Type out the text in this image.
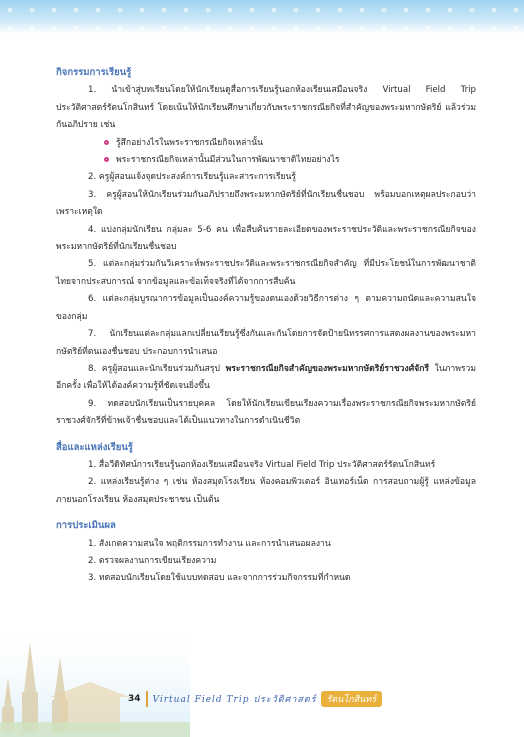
กิจกรรมการเรียนรู้

1. นำเข้าสู่บทเรียนโดยให้นักเรียนดูสื่อการเรียนรู้นอกห้องเรียนเสมือนจริง Virtual Field Trip ประวัติศาสตร์รัตนโกสินทร์ โดยเน้นให้นักเรียนศึกษาเกี่ยวกับพระราชกรณียกิจที่สำคัญของพระมหากษัตริย์ แล้วร่วมกันอภิปราย เช่น

รู้สึกอย่างไรในพระราชกรณียกิจเหล่านั้น
พระราชกรณียกิจเหล่านั้นมีส่วนในการพัฒนาชาติไทยอย่างไร

2. ครูผู้สอนแจ้งจุดประสงค์การเรียนรู้และสาระการเรียนรู้

3. ครูผู้สอนให้นักเรียนร่วมกันอภิปรายถึงพระมหากษัตริย์ที่นักเรียนชื่นชอบ พร้อมบอกเหตุผลประกอบว่าเพราะเหตุใด

4. แบ่งกลุ่มนักเรียน กลุ่มละ 5-6 คน เพื่อสืบค้นรายละเอียดของพระราชประวัติและพระราชกรณียกิจของพระมหากษัตริย์ที่นักเรียนชื่นชอบ

5. แต่ละกลุ่มร่วมกันวิเคราะห์พระราชประวัติและพระราชกรณียกิจสำคัญ ที่มีประโยชน์ในการพัฒนาชาติไทยจากประสบการณ์ จากข้อมูลและข้อเท็จจริงที่ได้จากการสืบค้น

6. แต่ละกลุ่มบูรณาการข้อมูลเป็นองค์ความรู้ของตนเองด้วยวิธีการต่าง ๆ ตามความถนัดและความสนใจของกลุ่ม

7. นักเรียนแต่ละกลุ่มแลกเปลี่ยนเรียนรู้ซึ่งกันและกันโดยการจัดป้ายนิทรรศการแสดงผลงานของพระมหากษัตริย์ที่ตนเองชื่นชอบ ประกอบการนำเสนอ

8. ครูผู้สอนและนักเรียนร่วมกันสรุป พระราชกรณียกิจสำคัญของพระมหากษัตริย์ราชวงศ์จักรี ในภาพรวมอีกครั้ง เพื่อให้ได้องค์ความรู้ที่ชัดเจนยิ่งขึ้น

9. ทดสอบนักเรียนเป็นรายบุคคล โดยให้นักเรียนเขียนเรียงความเรื่องพระราชกรณียกิจพระมหากษัตริย์ราชวงศ์จักรีที่ข้าพเจ้าชื่นชอบและได้เป็นแนวทางในการดำเนินชีวิต

สื่อและแหล่งเรียนรู้

1. สื่อวีดิทัศน์การเรียนรู้นอกห้องเรียนเสมือนจริง Virtual Field Trip ประวัติศาสตร์รัตนโกสินทร์

2. แหล่งเรียนรู้ต่าง ๆ เช่น ห้องสมุดโรงเรียน ห้องคอมพิวเตอร์ อินเทอร์เน็ต การสอบถามผู้รู้ แหล่งข้อมูลภายนอกโรงเรียน ห้องสมุดประชาชน เป็นต้น

การประเมินผล
1. สังเกตความสนใจ พฤติกรรมการทำงาน และการนำเสนอผลงาน
2. ตรวจผลงานการเขียนเรียงความ
3. ทดสอบนักเรียนโดยใช้แบบทดสอบ และจากการร่วมกิจกรรมที่กำหนด
34 Virtual Field Trip ประวัติศาสตร์	รัตนโกสินทร์
